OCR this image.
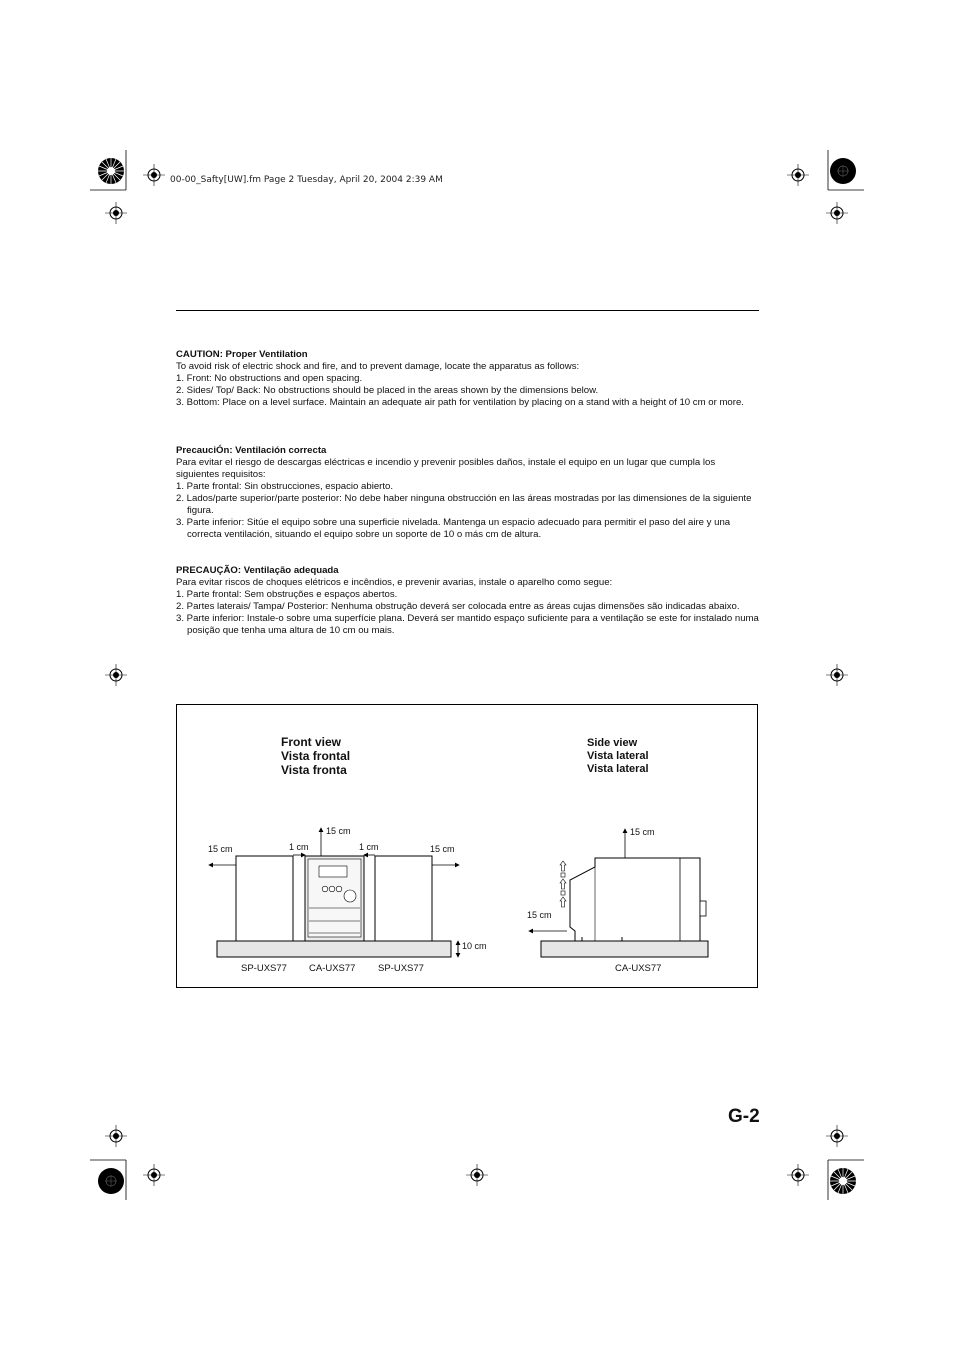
00-00_Safty[UW].fm Page 2 Tuesday, April 20, 2004 2:39 AM
CAUTION: Proper Ventilation
To avoid risk of electric shock and fire, and to prevent damage, locate the apparatus as follows:
1. Front: No obstructions and open spacing.
2. Sides/ Top/ Back: No obstructions should be placed in the areas shown by the dimensions below.
3. Bottom: Place on a level surface. Maintain an adequate air path for ventilation by placing on a stand with a height of 10 cm or more.
PrecauciÓn: Ventilación correcta
Para evitar el riesgo de descargas eléctricas e incendio y prevenir posibles daños, instale el equipo en un lugar que cumpla los siguientes requisitos:
1. Parte frontal: Sin obstrucciones, espacio abierto.
2. Lados/parte superior/parte posterior: No debe haber ninguna obstrucción en las áreas mostradas por las dimensiones de la siguiente figura.
3. Parte inferior: Sitúe el equipo sobre una superficie nivelada. Mantenga un espacio adecuado para permitir el paso del aire y una correcta ventilación, situando el equipo sobre un soporte de 10 o más cm de altura.
PRECAUÇÃO: Ventilação adequada
Para evitar riscos de choques elétricos e incêndios, e prevenir avarias, instale o aparelho como segue:
1. Parte frontal: Sem obstruções e espaços abertos.
2. Partes laterais/ Tampa/ Posterior: Nenhuma obstrução deverá ser colocada entre as áreas cujas dimensões são indicadas abaixo.
3. Parte inferior: Instale-o sobre uma superfície plana. Deverá ser mantido espaço suficiente para a ventilação se este for instalado numa posição que tenha uma altura de 10 cm ou mais.
Front view
Vista frontal
Vista fronta
Side view
Vista lateral
Vista lateral
15 cm
15 cm	1 cm	1 cm	15 cm
10 cm
SP-UXS77 CA-UXS77 SP-UXS77
15 cm
15 cm
CA-UXS77
G-2
